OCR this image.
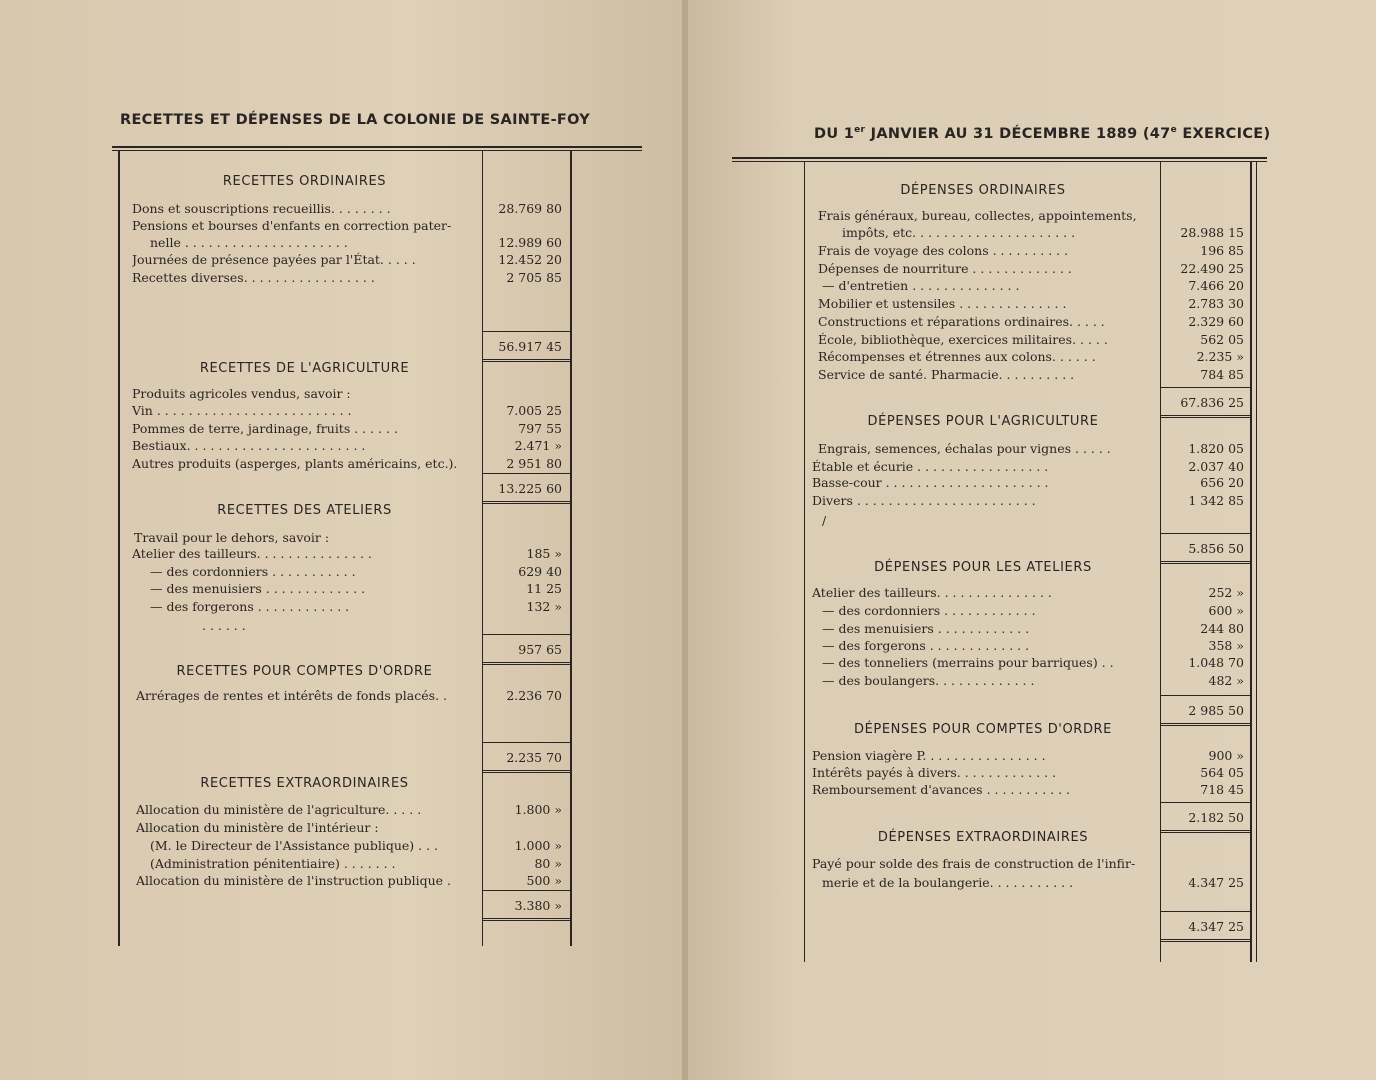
RECETTES ET DÉPENSES DE LA COLONIE DE SAINTE-FOY
RECETTES ORDINAIRES
Dons et souscriptions recueillis. . . . . . . .	28.769 80
Pensions et bourses d'enfants en correction pater-
nelle . . . . . . . . . . . . . . . . . . . . .	12.989 60
Journées de présence payées par l'État. . . . .	12.452 20
Recettes diverses. . . . . . . . . . . . . . . . .	2 705 85
56.917 45
RECETTES DE L'AGRICULTURE
Produits agricoles vendus, savoir :
Vin . . . . . . . . . . . . . . . . . . . . . . . . .	7.005 25
Pommes de terre, jardinage, fruits . . . . . .	797 55
Bestiaux. . . . . . . . . . . . . . . . . . . . . . .	2.471 »
Autres produits (asperges, plants américains, etc.).	2 951 80
13.225 60
RECETTES DES ATELIERS
Travail pour le dehors, savoir :
Atelier des tailleurs. . . . . . . . . . . . . . .	185 »
— des cordonniers . . . . . . . . . . .	629 40
— des menuisiers . . . . . . . . . . . . .	11 25
— des forgerons . . . . . . . . . . . .	132 »
. . . . . .
957 65
RECETTES POUR COMPTES D'ORDRE
Arrérages de rentes et intérêts de fonds placés. .	2.236 70
2.235 70
RECETTES EXTRAORDINAIRES
Allocation du ministère de l'agriculture. . . . .	1.800 »
Allocation du ministère de l'intérieur :
(M. le Directeur de l'Assistance publique) . . .	1.000 »
(Administration pénitentiaire) . . . . . . .	80 »
Allocation du ministère de l'instruction publique .	500 »
3.380 »
DU 1er JANVIER AU 31 DÉCEMBRE 1889 (47e EXERCICE)
DÉPENSES ORDINAIRES
Frais généraux, bureau, collectes, appointements,
impôts, etc. . . . . . . . . . . . . . . . . . . . .	28.988 15
Frais de voyage des colons . . . . . . . . . .	196 85
Dépenses de nourriture . . . . . . . . . . . . .	22.490 25
— d'entretien . . . . . . . . . . . . . .	7.466 20
Mobilier et ustensiles . . . . . . . . . . . . . .	2.783 30
Constructions et réparations ordinaires. . . . .	2.329 60
École, bibliothèque, exercices militaires. . . . .	562 05
Récompenses et étrennes aux colons. . . . . .	2.235 »
Service de santé. Pharmacie. . . . . . . . . .	784 85
67.836 25
DÉPENSES POUR L'AGRICULTURE
Engrais, semences, échalas pour vignes . . . . .	1.820 05
Étable et écurie . . . . . . . . . . . . . . . . .	2.037 40
Basse-cour . . . . . . . . . . . . . . . . . . . . .	656 20
Divers . . . . . . . . . . . . . . . . . . . . . . .	1 342 85
/
5.856 50
DÉPENSES POUR LES ATELIERS
Atelier des tailleurs. . . . . . . . . . . . . . .	252 »
— des cordonniers . . . . . . . . . . . .	600 »
— des menuisiers . . . . . . . . . . . .	244 80
— des forgerons . . . . . . . . . . . . .	358 »
— des tonneliers (merrains pour barriques) . .	1.048 70
— des boulangers. . . . . . . . . . . . .	482 »
2 985 50
DÉPENSES POUR COMPTES D'ORDRE
Pension viagère P. . . . . . . . . . . . . . . .	900 »
Intérêts payés à divers. . . . . . . . . . . . .	564 05
Remboursement d'avances . . . . . . . . . . .	718 45
2.182 50
DÉPENSES EXTRAORDINAIRES
Payé pour solde des frais de construction de l'infir-
merie et de la boulangerie. . . . . . . . . . .	4.347 25
4.347 25
